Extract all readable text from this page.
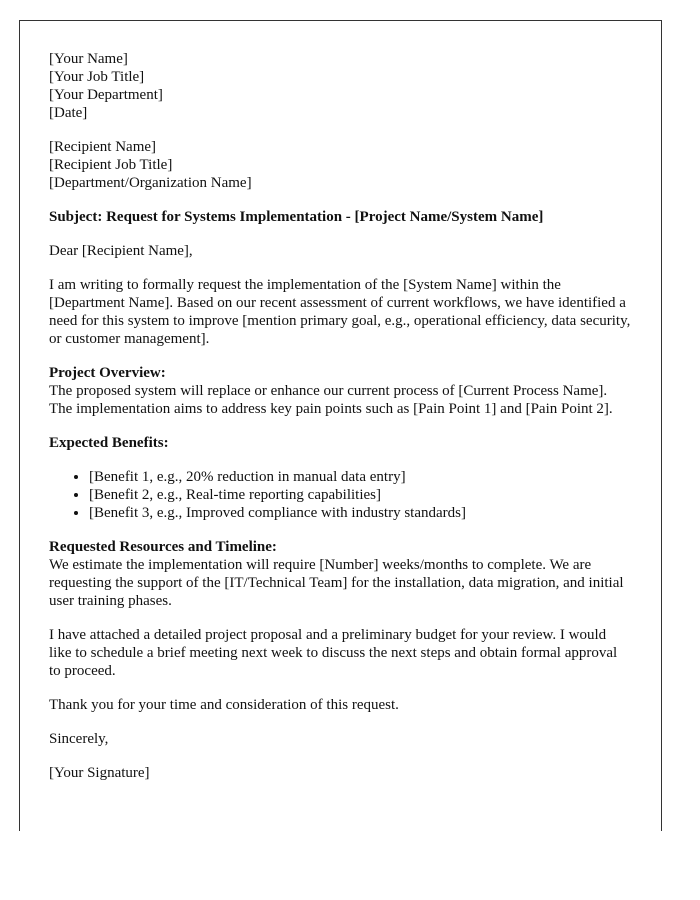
[Your Name]
[Your Job Title]
[Your Department]
[Date]

[Recipient Name]
[Recipient Job Title]
[Department/Organization Name]

Subject: Request for Systems Implementation - [Project Name/System Name]

Dear [Recipient Name],

I am writing to formally request the implementation of the [System Name] within the [Department Name]. Based on our recent assessment of current workflows, we have identified a need for this system to improve [mention primary goal, e.g., operational efficiency, data security, or customer management].

Project Overview:
The proposed system will replace or enhance our current process of [Current Process Name]. The implementation aims to address key pain points such as [Pain Point 1] and [Pain Point 2].

Expected Benefits:

• [Benefit 1, e.g., 20% reduction in manual data entry]
• [Benefit 2, e.g., Real-time reporting capabilities]
• [Benefit 3, e.g., Improved compliance with industry standards]

Requested Resources and Timeline:
We estimate the implementation will require [Number] weeks/months to complete. We are requesting the support of the [IT/Technical Team] for the installation, data migration, and initial user training phases.

I have attached a detailed project proposal and a preliminary budget for your review. I would like to schedule a brief meeting next week to discuss the next steps and obtain formal approval to proceed.

Thank you for your time and consideration of this request.

Sincerely,

[Your Signature]
